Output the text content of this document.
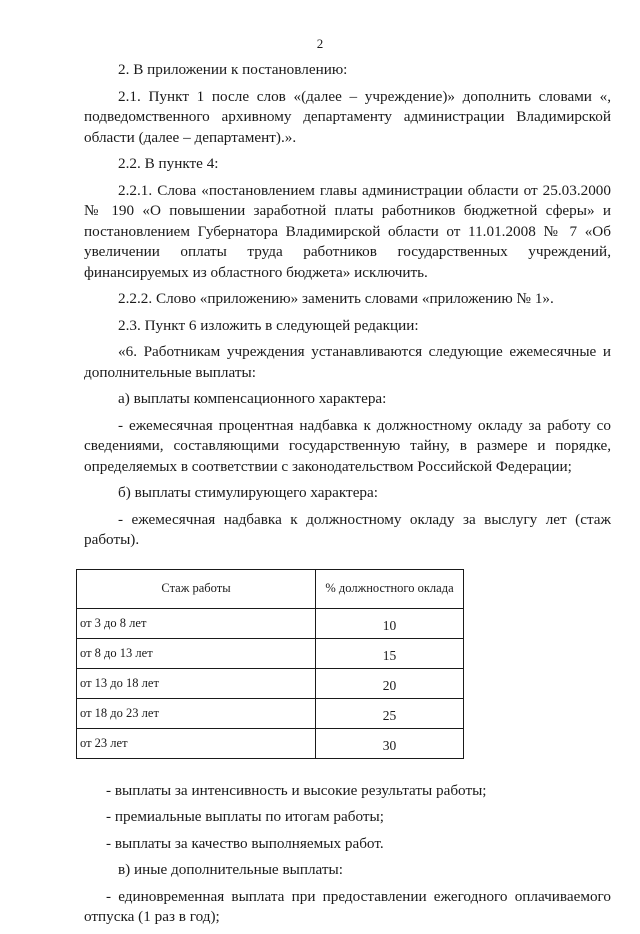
2

2. В приложении к постановлению:

2.1. Пункт 1 после слов «(далее – учреждение)» дополнить словами «, подведомственного архивному департаменту администрации Владимирской области (далее – департамент).».

2.2. В пункте 4:

2.2.1. Слова «постановлением главы администрации области от 25.03.2000 № 190 «О повышении заработной платы работников бюджетной сферы» и постановлением Губернатора Владимирской области от 11.01.2008 № 7 «Об увеличении оплаты труда работников государственных учреждений, финансируемых из областного бюджета» исключить.

2.2.2. Слово «приложению» заменить словами «приложению № 1».

2.3. Пункт 6 изложить в следующей редакции:

«6. Работникам учреждения устанавливаются следующие ежемесячные и дополнительные выплаты:

а) выплаты компенсационного характера:

- ежемесячная процентная надбавка к должностному окладу за работу со сведениями, составляющими государственную тайну, в размере и порядке, определяемых в соответствии с законодательством Российской Федерации;

б) выплаты стимулирующего характера:

- ежемесячная надбавка к должностному окладу за выслугу лет (стаж работы).

Стаж работы	% должностного оклада
от 3 до 8 лет	10
от 8 до 13 лет	15
от 13 до 18 лет	20
от 18 до 23 лет	25
от 23 лет	30

- выплаты за интенсивность и высокие результаты работы;

- премиальные выплаты по итогам работы;

- выплаты за качество выполняемых работ.

в) иные дополнительные выплаты:

- единовременная выплата при предоставлении ежегодного оплачиваемого отпуска (1 раз в год);
